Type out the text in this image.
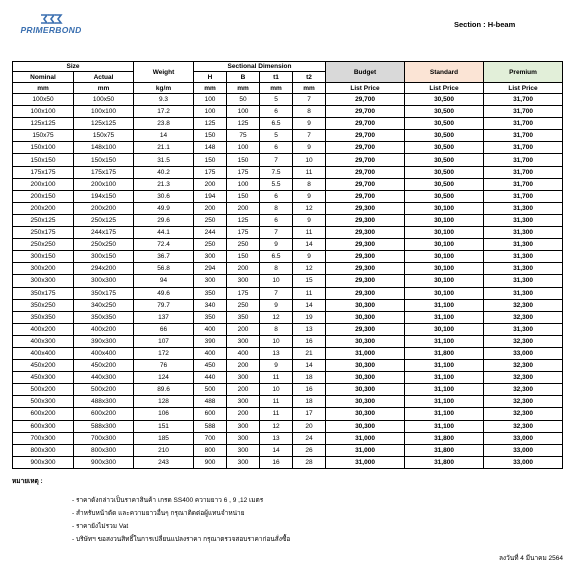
PRIMERBOND
Section : H-beam
Size		Weight	Sectional Dimension				Budget	Standard	Premium
Nominal	Actual		H	B	t1	t2			
mm	mm	kg/m	mm	mm	mm	mm	List Price	List Price	List Price
100x50	100x50	9.3	100	50	5	7	29,700	30,500	31,700
100x100	100x100	17.2	100	100	6	8	29,700	30,500	31,700
125x125	125x125	23.8	125	125	6.5	9	29,700	30,500	31,700
150x75	150x75	14	150	75	5	7	29,700	30,500	31,700
150x100	148x100	21.1	148	100	6	9	29,700	30,500	31,700
150x150	150x150	31.5	150	150	7	10	29,700	30,500	31,700
175x175	175x175	40.2	175	175	7.5	11	29,700	30,500	31,700
200x100	200x100	21.3	200	100	5.5	8	29,700	30,500	31,700
200x150	194x150	30.6	194	150	6	9	29,700	30,500	31,700
200x200	200x200	49.9	200	200	8	12	29,300	30,100	31,300
250x125	250x125	29.6	250	125	6	9	29,300	30,100	31,300
250x175	244x175	44.1	244	175	7	11	29,300	30,100	31,300
250x250	250x250	72.4	250	250	9	14	29,300	30,100	31,300
300x150	300x150	36.7	300	150	6.5	9	29,300	30,100	31,300
300x200	294x200	56.8	294	200	8	12	29,300	30,100	31,300
300x300	300x300	94	300	300	10	15	29,300	30,100	31,300
350x175	350x175	49.6	350	175	7	11	29,300	30,100	31,300
350x250	340x250	79.7	340	250	9	14	30,300	31,100	32,300
350x350	350x350	137	350	350	12	19	30,300	31,100	32,300
400x200	400x200	66	400	200	8	13	29,300	30,100	31,300
400x300	390x300	107	390	300	10	16	30,300	31,100	32,300
400x400	400x400	172	400	400	13	21	31,000	31,800	33,000
450x200	450x200	76	450	200	9	14	30,300	31,100	32,300
450x300	440x300	124	440	300	11	18	30,300	31,100	32,300
500x200	500x200	89.6	500	200	10	16	30,300	31,100	32,300
500x300	488x300	128	488	300	11	18	30,300	31,100	32,300
600x200	600x200	106	600	200	11	17	30,300	31,100	32,300
600x300	588x300	151	588	300	12	20	30,300	31,100	32,300
700x300	700x300	185	700	300	13	24	31,000	31,800	33,000
800x300	800x300	210	800	300	14	26	31,000	31,800	33,000
900x300	900x300	243	900	300	16	28	31,000	31,800	33,000
หมายเหตุ :
- ราคาดังกล่าวเป็นราคาสินค้า เกรด SS400 ความยาว 6 , 9 ,12 เมตร
- สำหรับหน้าตัด และความยาวอื่นๆ กรุณาติดต่อผู้แทนจำหน่าย
- ราคายังไม่รวม Vat
- บริษัทฯ ขอสงวนสิทธิ์ในการเปลี่ยนแปลงราคา กรุณาตรวจสอบราคาก่อนสั่งซื้อ
ลงวันที่ 4 มีนาคม 2564
